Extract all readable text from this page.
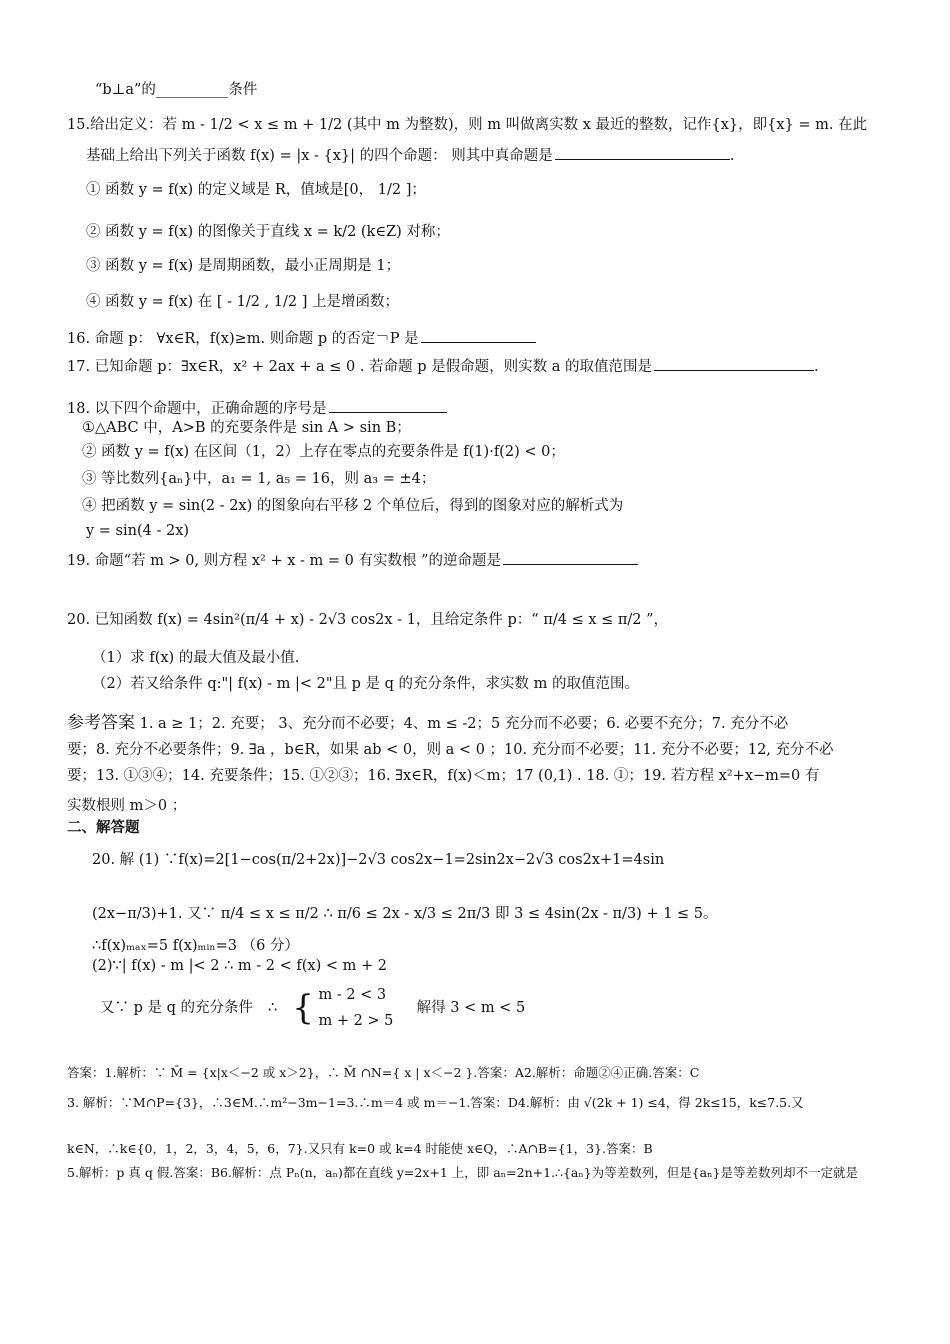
“b⊥a”的__________条件
15.给出定义：若 m - 1/2 < x ≤ m + 1/2 (其中 m 为整数)，则 m 叫做离实数 x 最近的整数，记作{x}，即{x} = m. 在此
基础上给出下列关于函数 f(x) = |x - {x}| 的四个命题： 则其中真命题是	.
① 函数 y = f(x) 的定义域是 R，值域是[0， 1/2 ]；
② 函数 y = f(x) 的图像关于直线 x = k/2 (k∈Z) 对称；
③ 函数 y = f(x) 是周期函数，最小正周期是 1；
④ 函数 y = f(x) 在 [ - 1/2 , 1/2 ] 上是增函数；
16. 命题 p： ∀x∈R，f(x)≥m. 则命题 p 的否定￢P 是
17. 已知命题 p：∃x∈R，x² + 2ax + a ≤ 0 . 若命题 p 是假命题，则实数 a 的取值范围是	.
18. 以下四个命题中，正确命题的序号是
①△ABC 中，A>B 的充要条件是 sin A > sin B；
② 函数 y = f(x) 在区间（1，2）上存在零点的充要条件是 f(1)·f(2) < 0；
③ 等比数列{aₙ}中，a₁ = 1, a₅ = 16，则 a₃ = ±4；
④ 把函数 y = sin(2 - 2x) 的图象向右平移 2 个单位后，得到的图象对应的解析式为
y = sin(4 - 2x)
19. 命题“若 m > 0, 则方程 x² + x - m = 0 有实数根 ”的逆命题是
20. 已知函数 f(x) = 4sin²(π/4 + x) - 2√3 cos2x - 1，且给定条件 p：“ π/4 ≤ x ≤ π/2 ”，
（1）求 f(x) 的最大值及最小值.
（2）若又给条件 q:"| f(x) - m |< 2"且 p 是 q 的充分条件，求实数 m 的取值范围。
参考答案 1. a ≥ 1；2. 充要； 3、充分而不必要；4、m ≤ -2；5 充分而不必要；6. 必要不充分；7. 充分不必
要；8. 充分不必要条件；9. ∃a ，b∈R，如果 ab < 0，则 a < 0 ；10. 充分而不必要；11. 充分不必要；12, 充分不必
要；13. ①③④；14. 充要条件；15. ①②③；16. ∃x∈R，f(x)＜m；17 (0,1) . 18. ①；19. 若方程 x²+x−m=0 有
实数根则 m＞0 ；
二、解答题
20. 解 (1) ∵f(x)=2[1−cos(π/2+2x)]−2√3 cos2x−1=2sin2x−2√3 cos2x+1=4sin
(2x−π/3)+1. 又∵ π/4 ≤ x ≤ π/2 ∴ π/6 ≤ 2x - x/3 ≤ 2π/3 即 3 ≤ 4sin(2x - π/3) + 1 ≤ 5。
∴f(x)ₘₐₓ=5 f(x)ₘᵢₙ=3 （6 分）
(2)∵| f(x) - m |< 2 ∴ m - 2 < f(x) < m + 2
又∵ p 是 q 的充分条件 ∴ { m - 2 < 3
m + 2 > 5
解得 3 < m < 5
答案：1.解析：∵ M̄ = {x|x＜−2 或 x＞2}，∴ M̄ ∩N={ x | x＜−2 }.答案：A2.解析：命题②④正确.答案：C
3. 解析：∵M∩P={3}，∴3∈M.∴m²−3m−1=3.∴m＝4 或 m＝−1.答案：D4.解析：由 √(2k + 1) ≤4，得 2k≤15，k≤7.5.又
k∈N，∴k∈{0，1，2，3，4，5，6，7}.又只有 k=0 或 k=4 时能使 x∈Q，∴A∩B={1，3}.答案：B
5.解析：p 真 q 假.答案：B6.解析：点 Pₙ(n，aₙ)都在直线 y=2x+1 上，即 aₙ=2n+1.∴{aₙ}为等差数列，但是{aₙ}是等差数列却不一定就是
